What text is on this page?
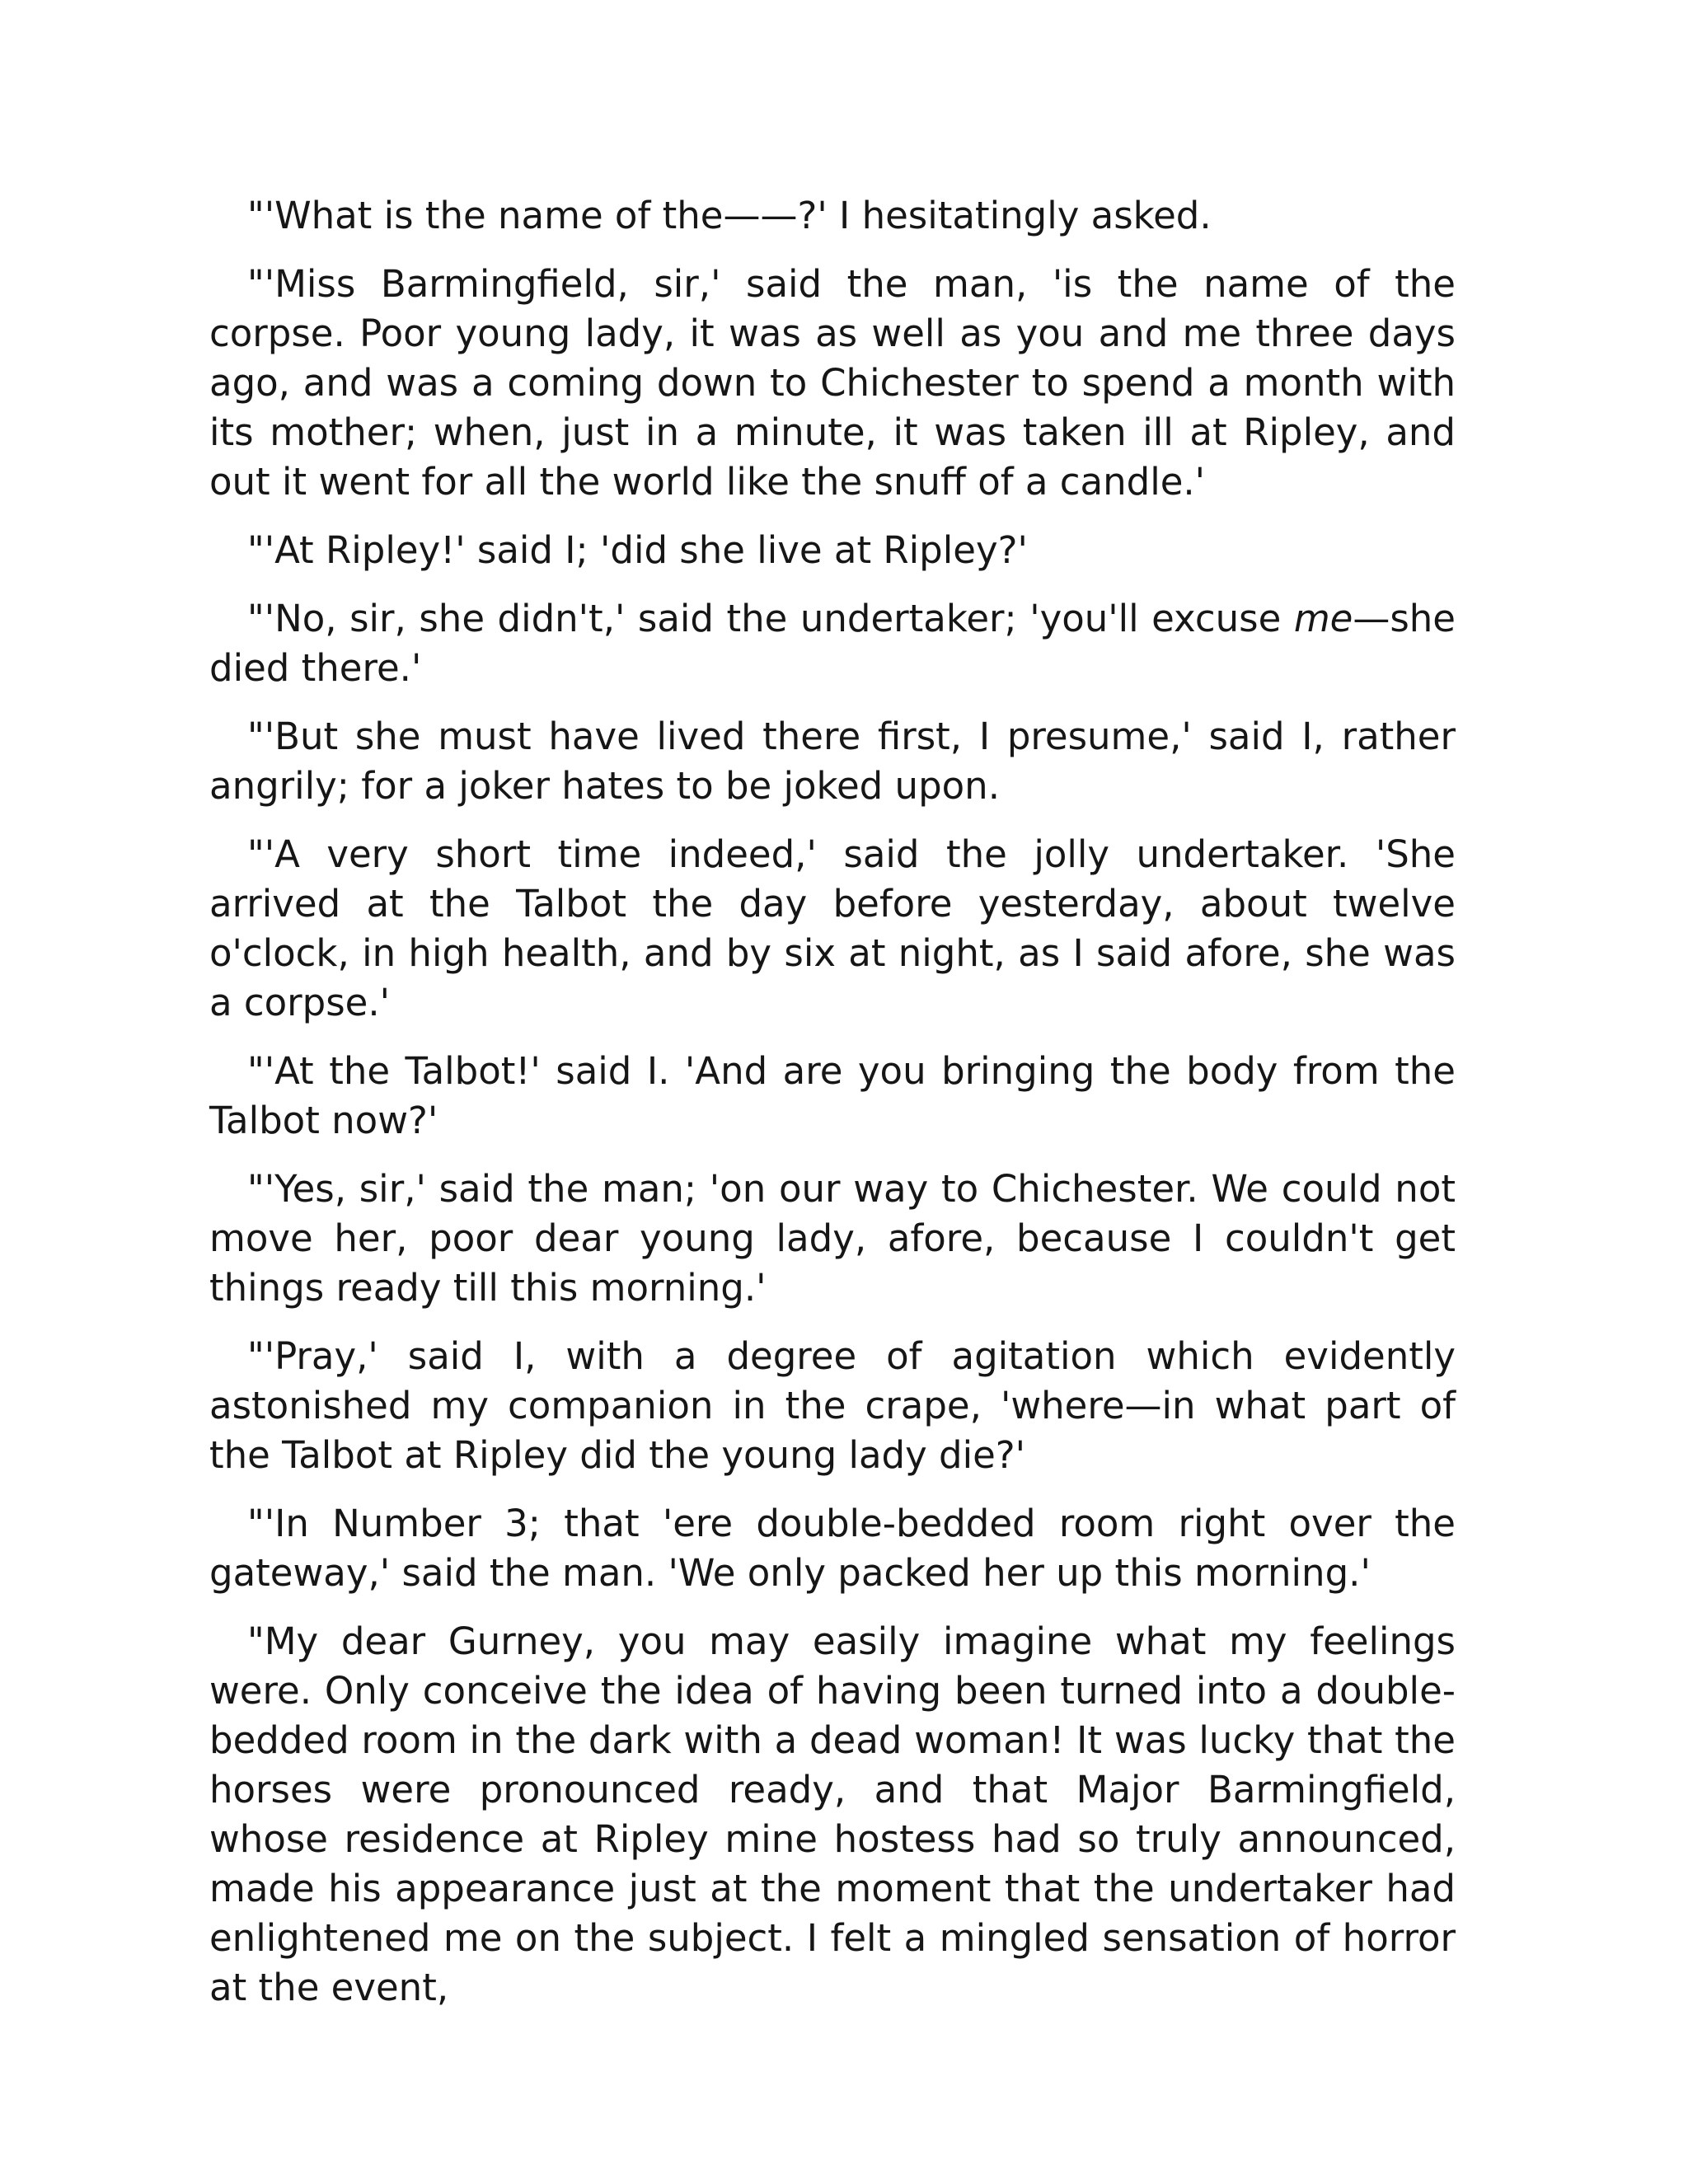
"'What is the name of the——?' I hesitatingly asked.

"'Miss Barmingfield, sir,' said the man, 'is the name of the corpse. Poor young lady, it was as well as you and me three days ago, and was a coming down to Chichester to spend a month with its mother; when, just in a minute, it was taken ill at Ripley, and out it went for all the world like the snuff of a candle.'

"'At Ripley!' said I; 'did she live at Ripley?'

"'No, sir, she didn't,' said the undertaker; 'you'll excuse me—she died there.'

"'But she must have lived there first, I presume,' said I, rather angrily; for a joker hates to be joked upon.

"'A very short time indeed,' said the jolly undertaker. 'She arrived at the Talbot the day before yesterday, about twelve o'clock, in high health, and by six at night, as I said afore, she was a corpse.'

"'At the Talbot!' said I. 'And are you bringing the body from the Talbot now?'

"'Yes, sir,' said the man; 'on our way to Chichester. We could not move her, poor dear young lady, afore, because I couldn't get things ready till this morning.'

"'Pray,' said I, with a degree of agitation which evidently astonished my companion in the crape, 'where—in what part of the Talbot at Ripley did the young lady die?'

"'In Number 3; that 'ere double-bedded room right over the gateway,' said the man. 'We only packed her up this morning.'

"My dear Gurney, you may easily imagine what my feelings were. Only conceive the idea of having been turned into a double-bedded room in the dark with a dead woman! It was lucky that the horses were pronounced ready, and that Major Barmingfield, whose residence at Ripley mine hostess had so truly announced, made his appearance just at the moment that the undertaker had enlightened me on the subject. I felt a mingled sensation of horror at the event,
